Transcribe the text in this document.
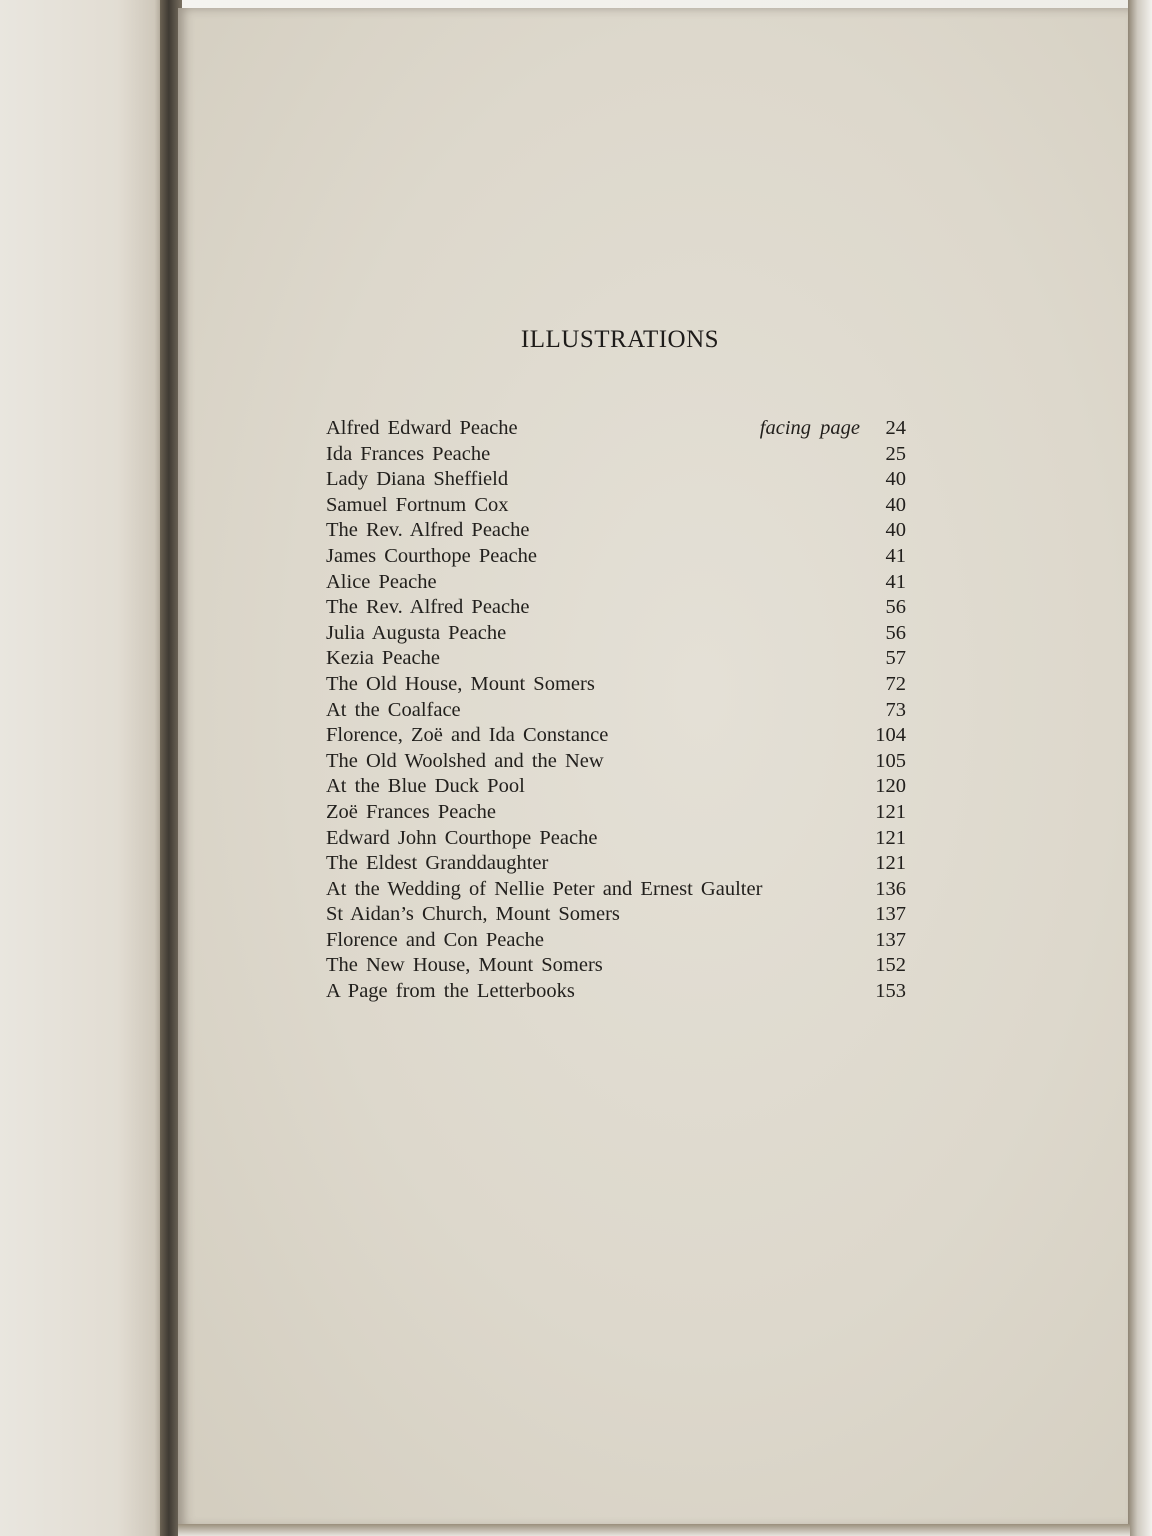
ILLUSTRATIONS
Alfred Edward Peache	facing page 24
Ida Frances Peache	25
Lady Diana Sheffield	40
Samuel Fortnum Cox	40
The Rev. Alfred Peache	40
James Courthope Peache	41
Alice Peache	41
The Rev. Alfred Peache	56
Julia Augusta Peache	56
Kezia Peache	57
The Old House, Mount Somers	72
At the Coalface	73
Florence, Zoë and Ida Constance	104
The Old Woolshed and the New	105
At the Blue Duck Pool	120
Zoë Frances Peache	121
Edward John Courthope Peache	121
The Eldest Granddaughter	121
At the Wedding of Nellie Peter and Ernest Gaulter	136
St Aidan’s Church, Mount Somers	137
Florence and Con Peache	137
The New House, Mount Somers	152
A Page from the Letterbooks	153
